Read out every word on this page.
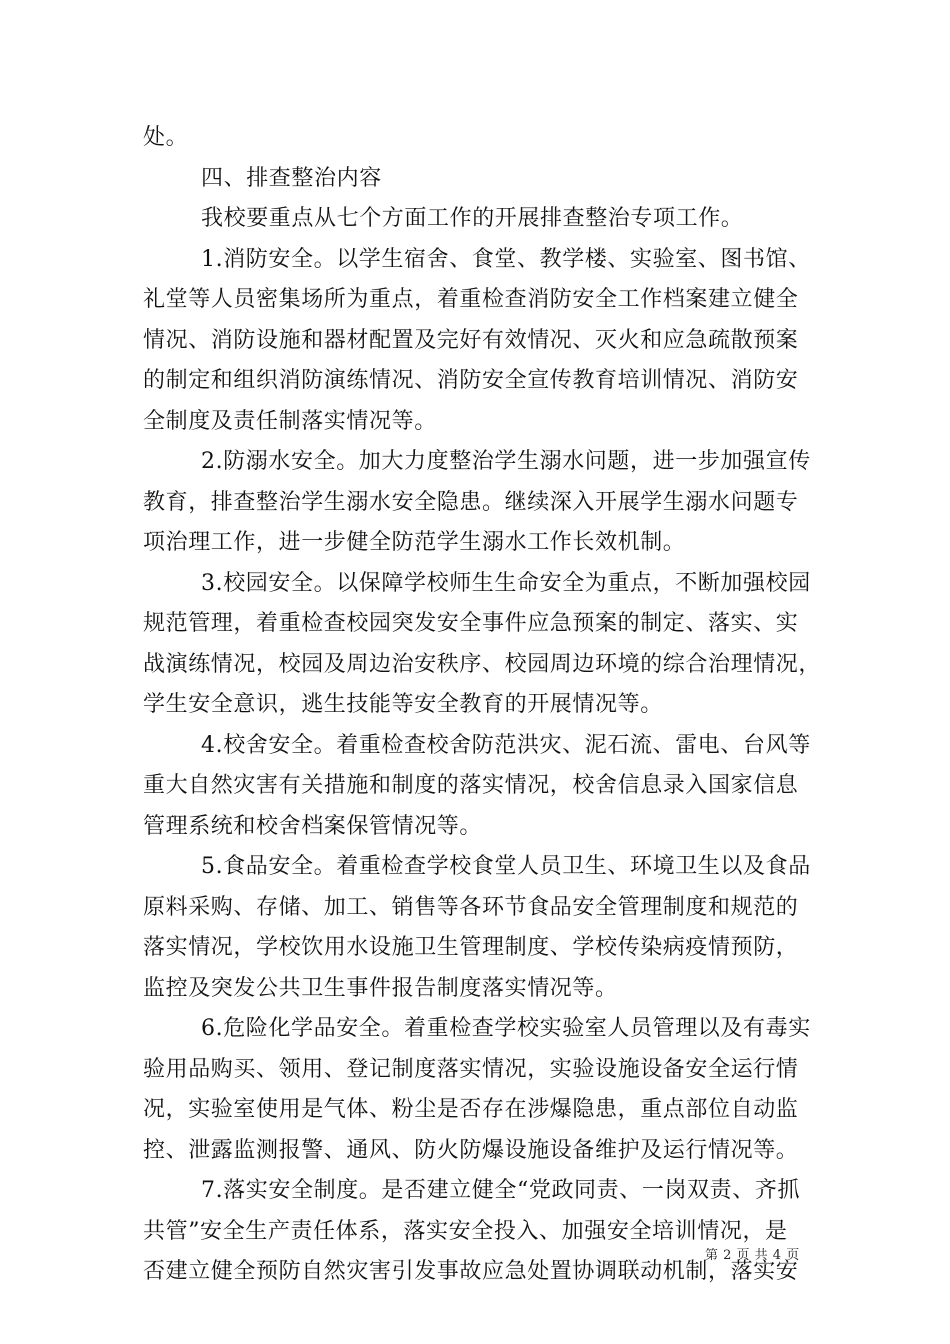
处。
四、排查整治内容
我校要重点从七个方面工作的开展排查整治专项工作。
1.消防安全。以学生宿舍、食堂、教学楼、实验室、图书馆、
礼堂等人员密集场所为重点，着重检查消防安全工作档案建立健全
情况、消防设施和器材配置及完好有效情况、灭火和应急疏散预案
的制定和组织消防演练情况、消防安全宣传教育培训情况、消防安
全制度及责任制落实情况等。
2.防溺水安全。加大力度整治学生溺水问题，进一步加强宣传
教育，排查整治学生溺水安全隐患。继续深入开展学生溺水问题专
项治理工作，进一步健全防范学生溺水工作长效机制。
3.校园安全。以保障学校师生生命安全为重点，不断加强校园
规范管理，着重检查校园突发安全事件应急预案的制定、落实、实
战演练情况，校园及周边治安秩序、校园周边环境的综合治理情况，
学生安全意识，逃生技能等安全教育的开展情况等。
4.校舍安全。着重检查校舍防范洪灾、泥石流、雷电、台风等
重大自然灾害有关措施和制度的落实情况，校舍信息录入国家信息
管理系统和校舍档案保管情况等。
5.食品安全。着重检查学校食堂人员卫生、环境卫生以及食品
原料采购、存储、加工、销售等各环节食品安全管理制度和规范的
落实情况，学校饮用水设施卫生管理制度、学校传染病疫情预防，
监控及突发公共卫生事件报告制度落实情况等。
6.危险化学品安全。着重检查学校实验室人员管理以及有毒实
验用品购买、领用、登记制度落实情况，实验设施设备安全运行情
况，实验室使用是气体、粉尘是否存在涉爆隐患，重点部位自动监
控、泄露监测报警、通风、防火防爆设施设备维护及运行情况等。
7.落实安全制度。是否建立健全“党政同责、一岗双责、齐抓
共管”安全生产责任体系，落实安全投入、加强安全培训情况，是
否建立健全预防自然灾害引发事故应急处置协调联动机制，落实安
第 2 页 共 4 页
